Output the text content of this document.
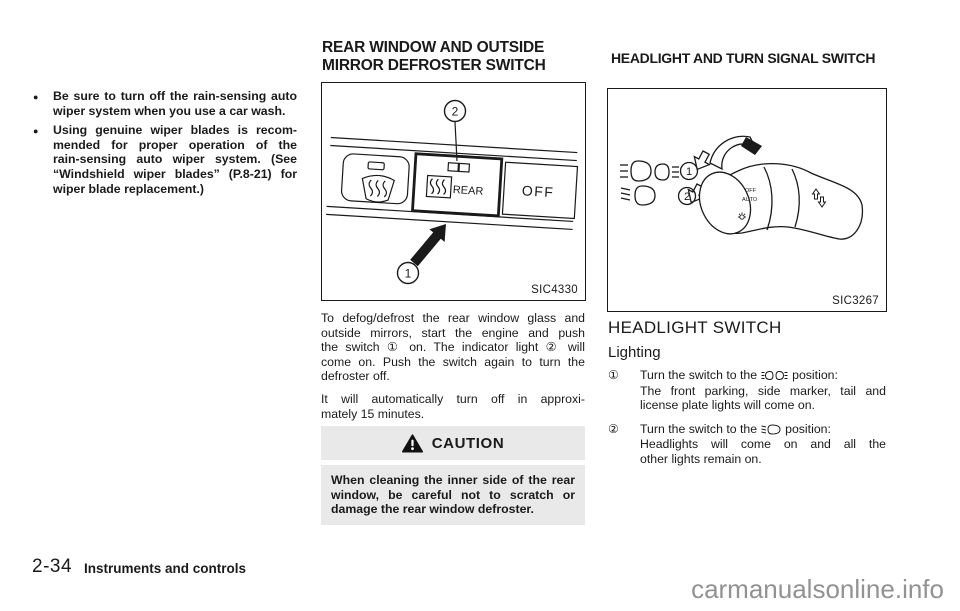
●	Be sure to turn off the rain-sensing auto
wiper system when you use a car wash.
●	Using genuine wiper blades is recom-
mended for proper operation of the
rain-sensing auto wiper system. (See
“Windshield wiper blades” (P.8-21) for
wiper blade replacement.)
REAR WINDOW AND OUTSIDE
MIRROR DEFROSTER SWITCH
REAR	OFF
2
1
SIC4330
To defog/defrost the rear window glass and
outside mirrors, start the engine and push
the switch ① on. The indicator light ② will
come on. Push the switch again to turn the
defroster off.
It will automatically turn off in approxi-
mately 15 minutes.
CAUTION
When cleaning the inner side of the rear
window, be careful not to scratch or
damage the rear window defroster.
HEADLIGHT AND TURN SIGNAL SWITCH
1
2
OFF
AUTO
SIC3267
HEADLIGHT SWITCH
Lighting
①	Turn the switch to the	position:
The front parking, side marker, tail and
license plate lights will come on.
②	Turn the switch to the position:
Headlights will come on and all the
other lights remain on.
2-34 Instruments and controls
carmanualsonline.info
